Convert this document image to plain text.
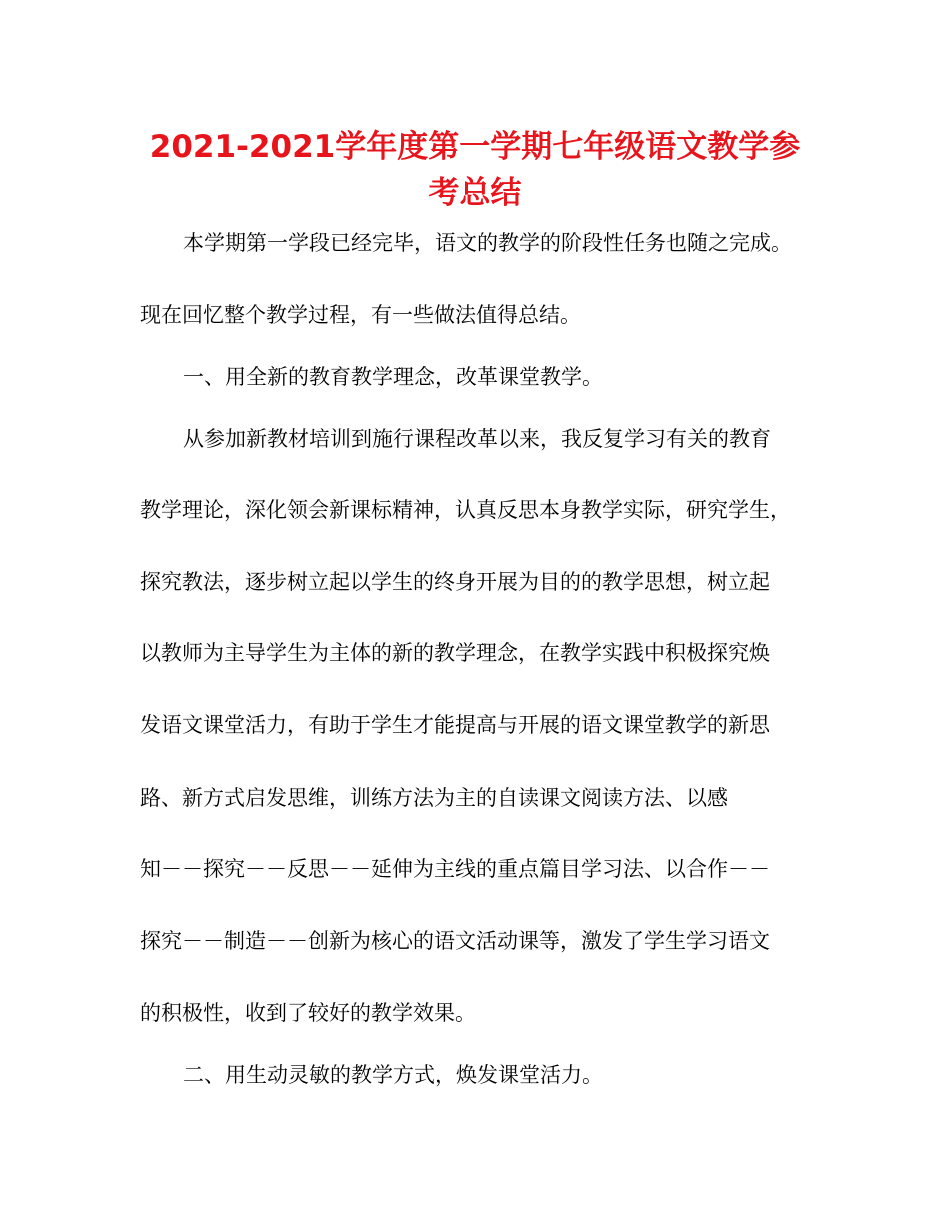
2021-2021学年度第一学期七年级语文教学参
考总结

本学期第一学段已经完毕，语文的教学的阶段性任务也随之完成。

现在回忆整个教学过程，有一些做法值得总结。

一、用全新的教育教学理念，改革课堂教学。

从参加新教材培训到施行课程改革以来，我反复学习有关的教育

教学理论，深化领会新课标精神，认真反思本身教学实际，研究学生，

探究教法，逐步树立起以学生的终身开展为目的的教学思想，树立起

以教师为主导学生为主体的新的教学理念，在教学实践中积极探究焕

发语文课堂活力，有助于学生才能提高与开展的语文课堂教学的新思

路、新方式启发思维，训练方法为主的自读课文阅读方法、以感

知－－探究－－反思－－延伸为主线的重点篇目学习法、以合作－－

探究－－制造－－创新为核心的语文活动课等，激发了学生学习语文

的积极性，收到了较好的教学效果。

二、用生动灵敏的教学方式，焕发课堂活力。
